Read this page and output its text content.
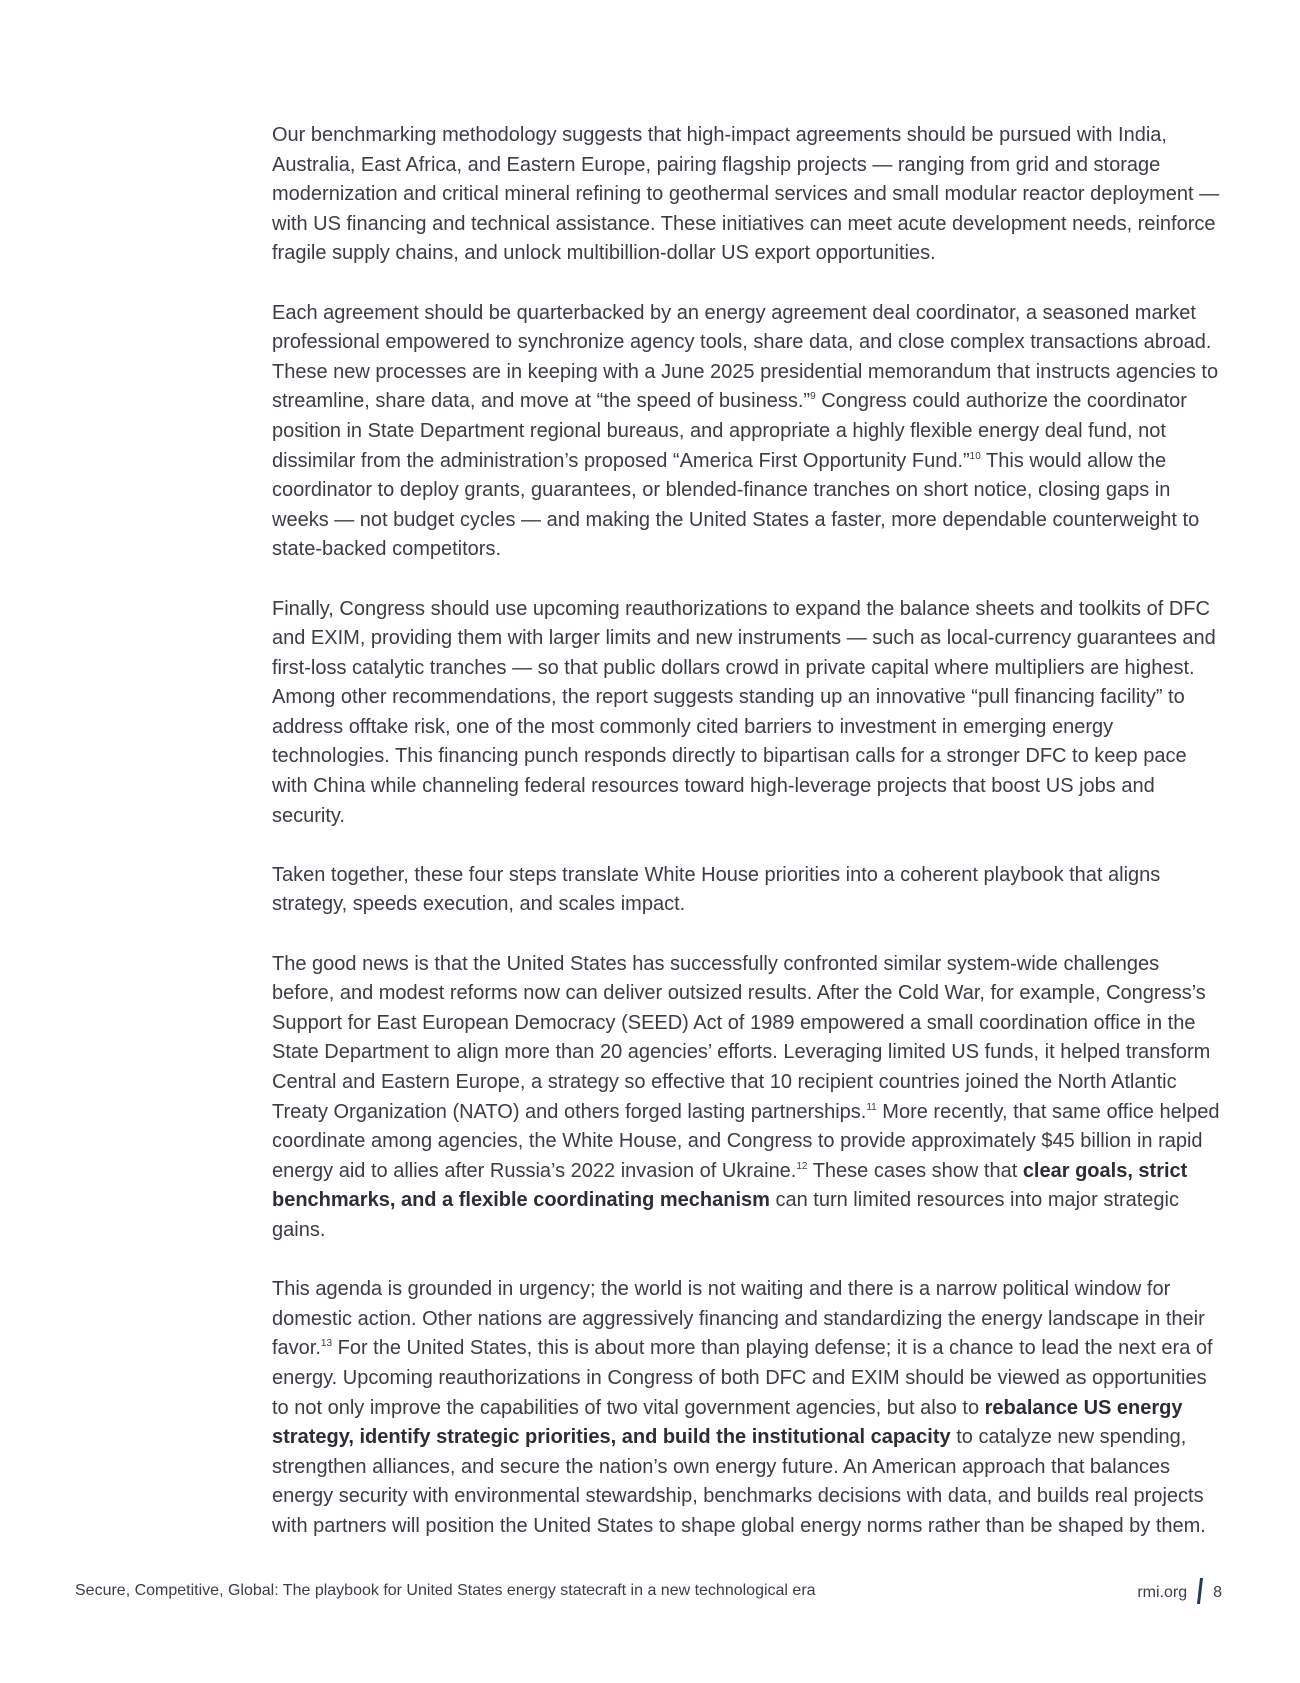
Our benchmarking methodology suggests that high-impact agreements should be pursued with India, Australia, East Africa, and Eastern Europe, pairing flagship projects — ranging from grid and storage modernization and critical mineral refining to geothermal services and small modular reactor deployment — with US financing and technical assistance. These initiatives can meet acute development needs, reinforce fragile supply chains, and unlock multibillion-dollar US export opportunities.

Each agreement should be quarterbacked by an energy agreement deal coordinator, a seasoned market professional empowered to synchronize agency tools, share data, and close complex transactions abroad. These new processes are in keeping with a June 2025 presidential memorandum that instructs agencies to streamline, share data, and move at “the speed of business.”$^9$ Congress could authorize the coordinator position in State Department regional bureaus, and appropriate a highly flexible energy deal fund, not dissimilar from the administration’s proposed “America First Opportunity Fund.”$^{10}$ This would allow the coordinator to deploy grants, guarantees, or blended-finance tranches on short notice, closing gaps in weeks — not budget cycles — and making the United States a faster, more dependable counterweight to state-backed competitors.

Finally, Congress should use upcoming reauthorizations to expand the balance sheets and toolkits of DFC and EXIM, providing them with larger limits and new instruments — such as local-currency guarantees and first-loss catalytic tranches — so that public dollars crowd in private capital where multipliers are highest. Among other recommendations, the report suggests standing up an innovative “pull financing facility” to address offtake risk, one of the most commonly cited barriers to investment in emerging energy technologies. This financing punch responds directly to bipartisan calls for a stronger DFC to keep pace with China while channeling federal resources toward high-leverage projects that boost US jobs and security.

Taken together, these four steps translate White House priorities into a coherent playbook that aligns strategy, speeds execution, and scales impact.

The good news is that the United States has successfully confronted similar system-wide challenges before, and modest reforms now can deliver outsized results. After the Cold War, for example, Congress’s Support for East European Democracy (SEED) Act of 1989 empowered a small coordination office in the State Department to align more than 20 agencies’ efforts. Leveraging limited US funds, it helped transform Central and Eastern Europe, a strategy so effective that 10 recipient countries joined the North Atlantic Treaty Organization (NATO) and others forged lasting partnerships.$^{11}$ More recently, that same office helped coordinate among agencies, the White House, and Congress to provide approximately $45 billion in rapid energy aid to allies after Russia’s 2022 invasion of Ukraine.$^{12}$ These cases show that clear goals, strict benchmarks, and a flexible coordinating mechanism can turn limited resources into major strategic gains.

This agenda is grounded in urgency; the world is not waiting and there is a narrow political window for domestic action. Other nations are aggressively financing and standardizing the energy landscape in their favor.$^{13}$ For the United States, this is about more than playing defense; it is a chance to lead the next era of energy. Upcoming reauthorizations in Congress of both DFC and EXIM should be viewed as opportunities to not only improve the capabilities of two vital government agencies, but also to rebalance US energy strategy, identify strategic priorities, and build the institutional capacity to catalyze new spending, strengthen alliances, and secure the nation’s own energy future. An American approach that balances energy security with environmental stewardship, benchmarks decisions with data, and builds real projects with partners will position the United States to shape global energy norms rather than be shaped by them.

Secure, Competitive, Global: The playbook for United States energy statecraft in a new technological era	rmi.org 8
